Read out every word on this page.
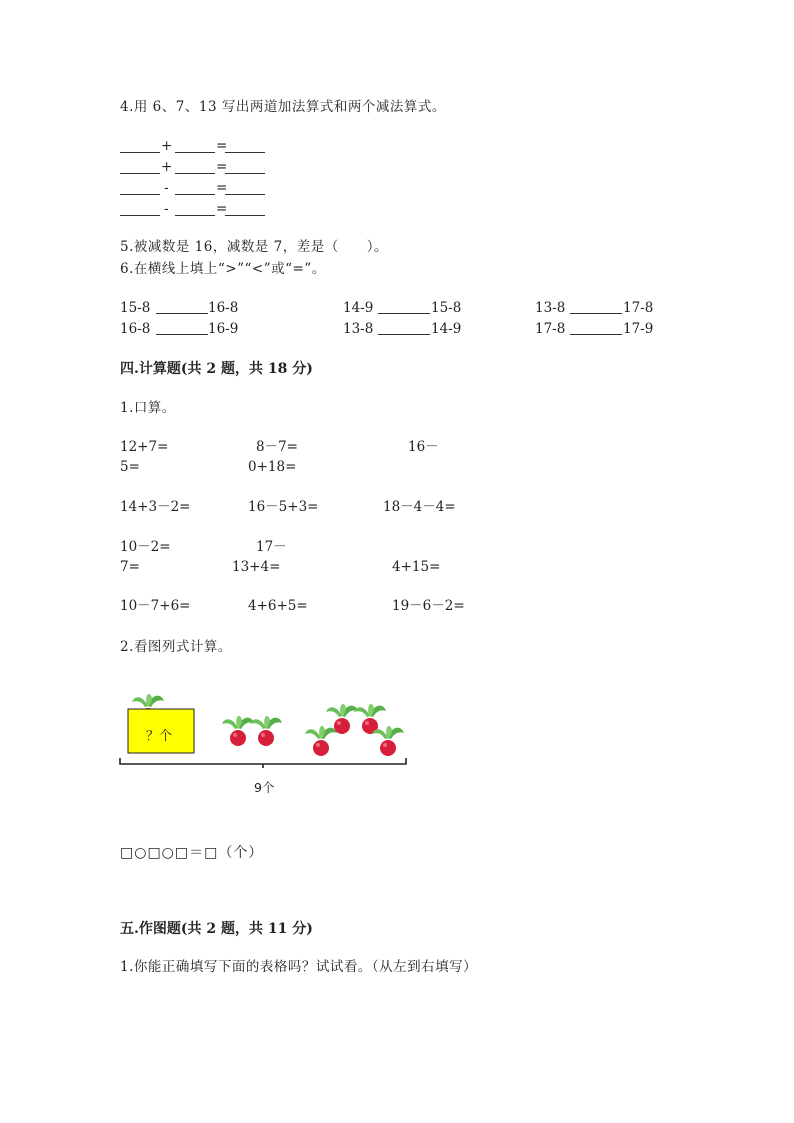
4.用 6、7、13 写出两道加法算式和两个减法算式。
+	=
+	=
-	=
-	=
5.被减数是 16，减数是 7，差是（　　）。
6.在横线上填上“>”“<”或“=”。
15-8	16-8	14-9	15-8	13-8	17-8
16-8	16-9	13-8	14-9	17-8	17-9
四.计算题(共 2 题，共 18 分)
1.口算。
12+7=	8－7=	16－
5=	0+18=
14+3－2=	16－5+3=	18－4－4=
10－2=	17－
7=	13+4=	4+15=
10－7+6=	4+6+5=	19－6－2=
2.看图列式计算。
？个
9个
□○□○□＝□（个）
五.作图题(共 2 题，共 11 分)
1.你能正确填写下面的表格吗？试试看。（从左到右填写）
